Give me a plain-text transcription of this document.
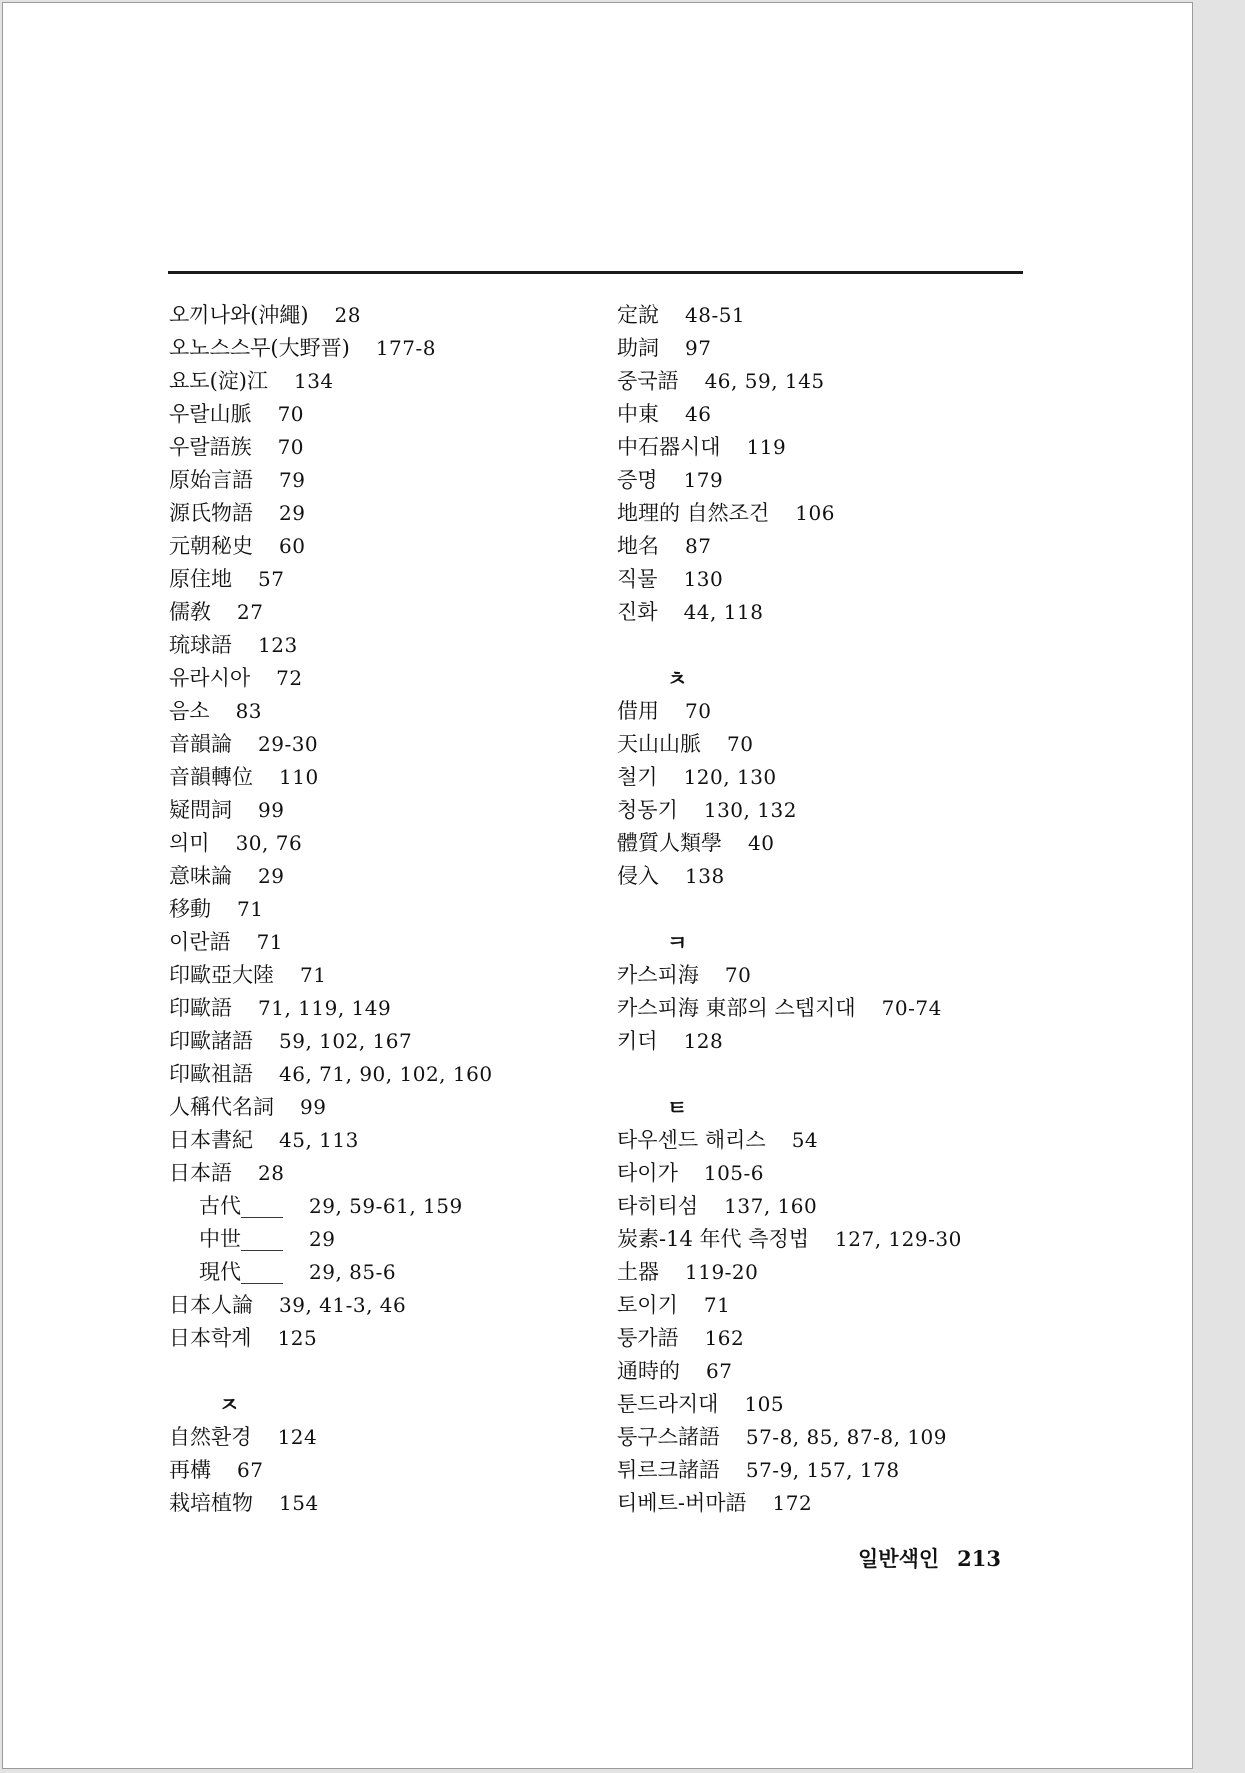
오끼나와(沖繩) 28
오노스스무(大野晋) 177-8
요도(淀)江 134
우랄山脈 70
우랄語族 70
原始言語 79
源氏物語 29
元朝秘史 60
原住地 57
儒敎 27
琉球語 123
유라시아 72
음소 83
音韻論 29-30
音韻轉位 110
疑問詞 99
의미 30, 76
意味論 29
移動 71
이란語 71
印歐亞大陸 71
印歐語 71, 119, 149
印歐諸語 59, 102, 167
印歐祖語 46, 71, 90, 102, 160
人稱代名詞 99
日本書紀 45, 113
日本語 28
古代____ 29, 59-61, 159
中世____ 29
現代____ 29, 85-6
日本人論 39, 41-3, 46
日本학계 125
ㅈ
自然환경 124
再構 67
栽培植物 154
定說 48-51
助詞 97
중국語 46, 59, 145
中東 46
中石器시대 119
증명 179
地理的 自然조건 106
地名 87
직물 130
진화 44, 118
ㅊ
借用 70
天山山脈 70
철기 120, 130
청동기 130, 132
體質人類學 40
侵入 138
ㅋ
카스피海 70
카스피海 東部의 스텝지대 70-74
키더 128
ㅌ
타우센드 해리스 54
타이가 105-6
타히티섬 137, 160
炭素-14 年代 측정법 127, 129-30
土器 119-20
토이기 71
퉁가語 162
通時的 67
툰드라지대 105
퉁구스諸語 57-8, 85, 87-8, 109
튀르크諸語 57-9, 157, 178
티베트-버마語 172
일반색인 213
